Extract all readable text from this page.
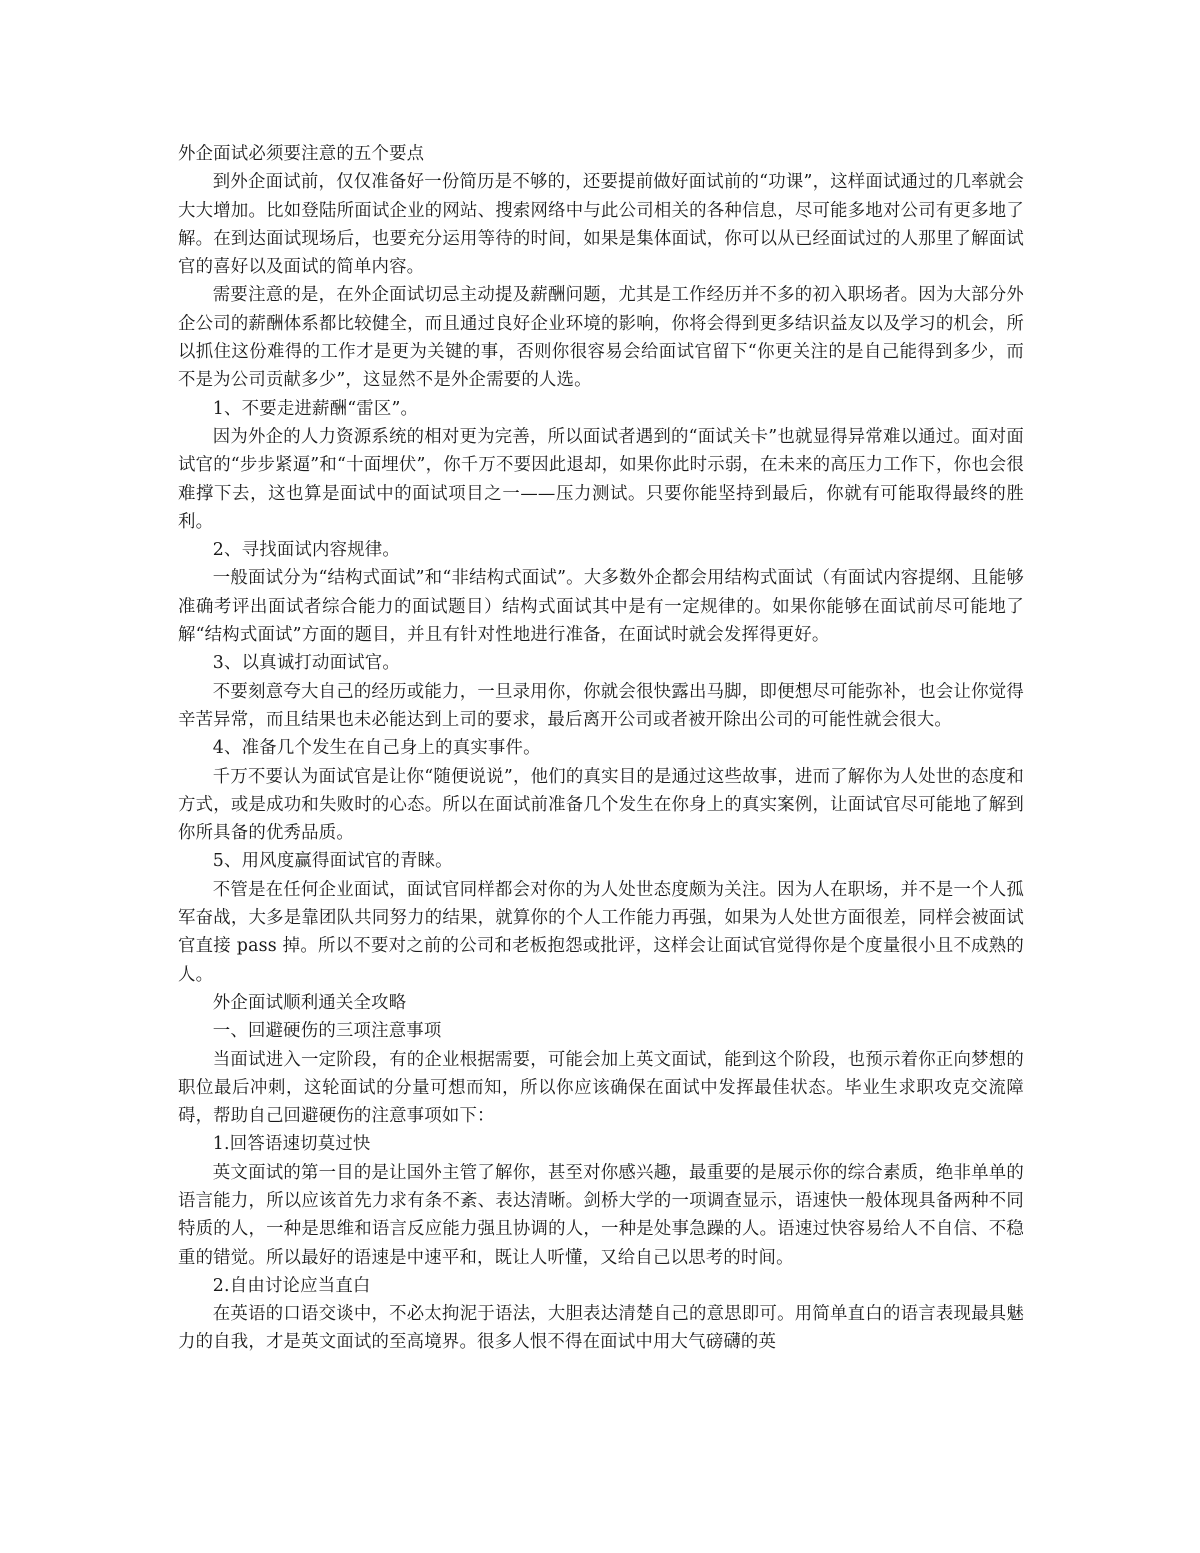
外企面试必须要注意的五个要点

到外企面试前，仅仅准备好一份简历是不够的，还要提前做好面试前的“功课”，这样面试通过的几率就会大大增加。比如登陆所面试企业的网站、搜索网络中与此公司相关的各种信息，尽可能多地对公司有更多地了解。在到达面试现场后，也要充分运用等待的时间，如果是集体面试，你可以从已经面试过的人那里了解面试官的喜好以及面试的简单内容。

需要注意的是，在外企面试切忌主动提及薪酬问题，尤其是工作经历并不多的初入职场者。因为大部分外企公司的薪酬体系都比较健全，而且通过良好企业环境的影响，你将会得到更多结识益友以及学习的机会，所以抓住这份难得的工作才是更为关键的事，否则你很容易会给面试官留下“你更关注的是自己能得到多少，而不是为公司贡献多少”，这显然不是外企需要的人选。

1、不要走进薪酬“雷区”。

因为外企的人力资源系统的相对更为完善，所以面试者遇到的“面试关卡”也就显得异常难以通过。面对面试官的“步步紧逼”和“十面埋伏”，你千万不要因此退却，如果你此时示弱，在未来的高压力工作下，你也会很难撑下去，这也算是面试中的面试项目之一——压力测试。只要你能坚持到最后，你就有可能取得最终的胜利。

2、寻找面试内容规律。

一般面试分为“结构式面试”和“非结构式面试”。大多数外企都会用结构式面试（有面试内容提纲、且能够准确考评出面试者综合能力的面试题目）结构式面试其中是有一定规律的。如果你能够在面试前尽可能地了解“结构式面试”方面的题目，并且有针对性地进行准备，在面试时就会发挥得更好。

3、以真诚打动面试官。

不要刻意夸大自己的经历或能力，一旦录用你，你就会很快露出马脚，即便想尽可能弥补，也会让你觉得辛苦异常，而且结果也未必能达到上司的要求，最后离开公司或者被开除出公司的可能性就会很大。

4、准备几个发生在自己身上的真实事件。

千万不要认为面试官是让你“随便说说”，他们的真实目的是通过这些故事，进而了解你为人处世的态度和方式，或是成功和失败时的心态。所以在面试前准备几个发生在你身上的真实案例，让面试官尽可能地了解到你所具备的优秀品质。

5、用风度赢得面试官的青睐。

不管是在任何企业面试，面试官同样都会对你的为人处世态度颇为关注。因为人在职场，并不是一个人孤军奋战，大多是靠团队共同努力的结果，就算你的个人工作能力再强，如果为人处世方面很差，同样会被面试官直接 pass 掉。所以不要对之前的公司和老板抱怨或批评，这样会让面试官觉得你是个度量很小且不成熟的人。

外企面试顺利通关全攻略

一、回避硬伤的三项注意事项

当面试进入一定阶段，有的企业根据需要，可能会加上英文面试，能到这个阶段，也预示着你正向梦想的职位最后冲刺，这轮面试的分量可想而知，所以你应该确保在面试中发挥最佳状态。毕业生求职攻克交流障碍，帮助自己回避硬伤的注意事项如下：

1.回答语速切莫过快

英文面试的第一目的是让国外主管了解你，甚至对你感兴趣，最重要的是展示你的综合素质，绝非单单的语言能力，所以应该首先力求有条不紊、表达清晰。剑桥大学的一项调查显示，语速快一般体现具备两种不同特质的人，一种是思维和语言反应能力强且协调的人，一种是处事急躁的人。语速过快容易给人不自信、不稳重的错觉。所以最好的语速是中速平和，既让人听懂，又给自己以思考的时间。

2.自由讨论应当直白

在英语的口语交谈中，不必太拘泥于语法，大胆表达清楚自己的意思即可。用简单直白的语言表现最具魅力的自我，才是英文面试的至高境界。很多人恨不得在面试中用大气磅礴的英
